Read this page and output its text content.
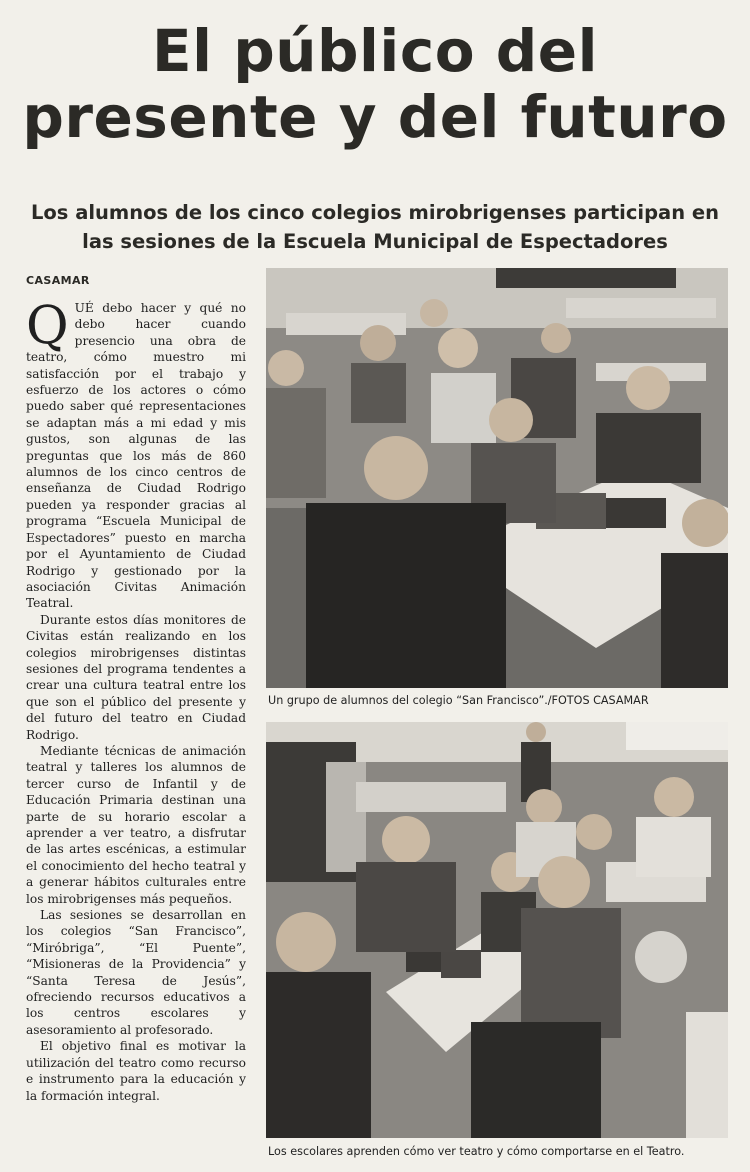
El público del
presente y del futuro
Los alumnos de los cinco colegios mirobrigenses participan en
las sesiones de la Escuela Municipal de Espectadores
CASAMAR

QUÉ debo hacer y qué no debo hacer cuando presencio una obra de teatro, cómo muestro mi satisfacción por el trabajo y esfuerzo de los actores o cómo puedo saber qué representaciones se adaptan más a mi edad y mis gustos, son algunas de las preguntas que los más de 860 alumnos de los cinco centros de enseñanza de Ciudad Rodrigo pueden ya responder gracias al programa “Escuela Municipal de Espectadores” puesto en marcha por el Ayuntamiento de Ciudad Rodrigo y gestionado por la asociación Civitas Animación Teatral.

Durante estos días monitores de Civitas están realizando en los colegios mirobrigenses distintas sesiones del programa tendentes a crear una cultura teatral entre los que son el público del presente y del futuro del teatro en Ciudad Rodrigo.

Mediante técnicas de animación teatral y talleres los alumnos de tercer curso de Infantil y de Educación Primaria destinan una parte de su horario escolar a aprender a ver teatro, a disfrutar de las artes escénicas, a estimular el conocimiento del hecho teatral y a generar hábitos culturales entre los mirobrigenses más pequeños.

Las sesiones se desarrollan en los colegios “San Francisco”, “Miróbriga”, “El Puente”, “Misioneras de la Providencia” y “Santa Teresa de Jesús”, ofreciendo recursos educativos a los centros escolares y asesoramiento al profesorado.

El objetivo final es motivar la utilización del teatro como recurso e instrumento para la educación y la formación integral.

Un grupo de alumnos del colegio “San Francisco”./FOTOS CASAMAR
Los escolares aprenden cómo ver teatro y cómo comportarse en el Teatro.
